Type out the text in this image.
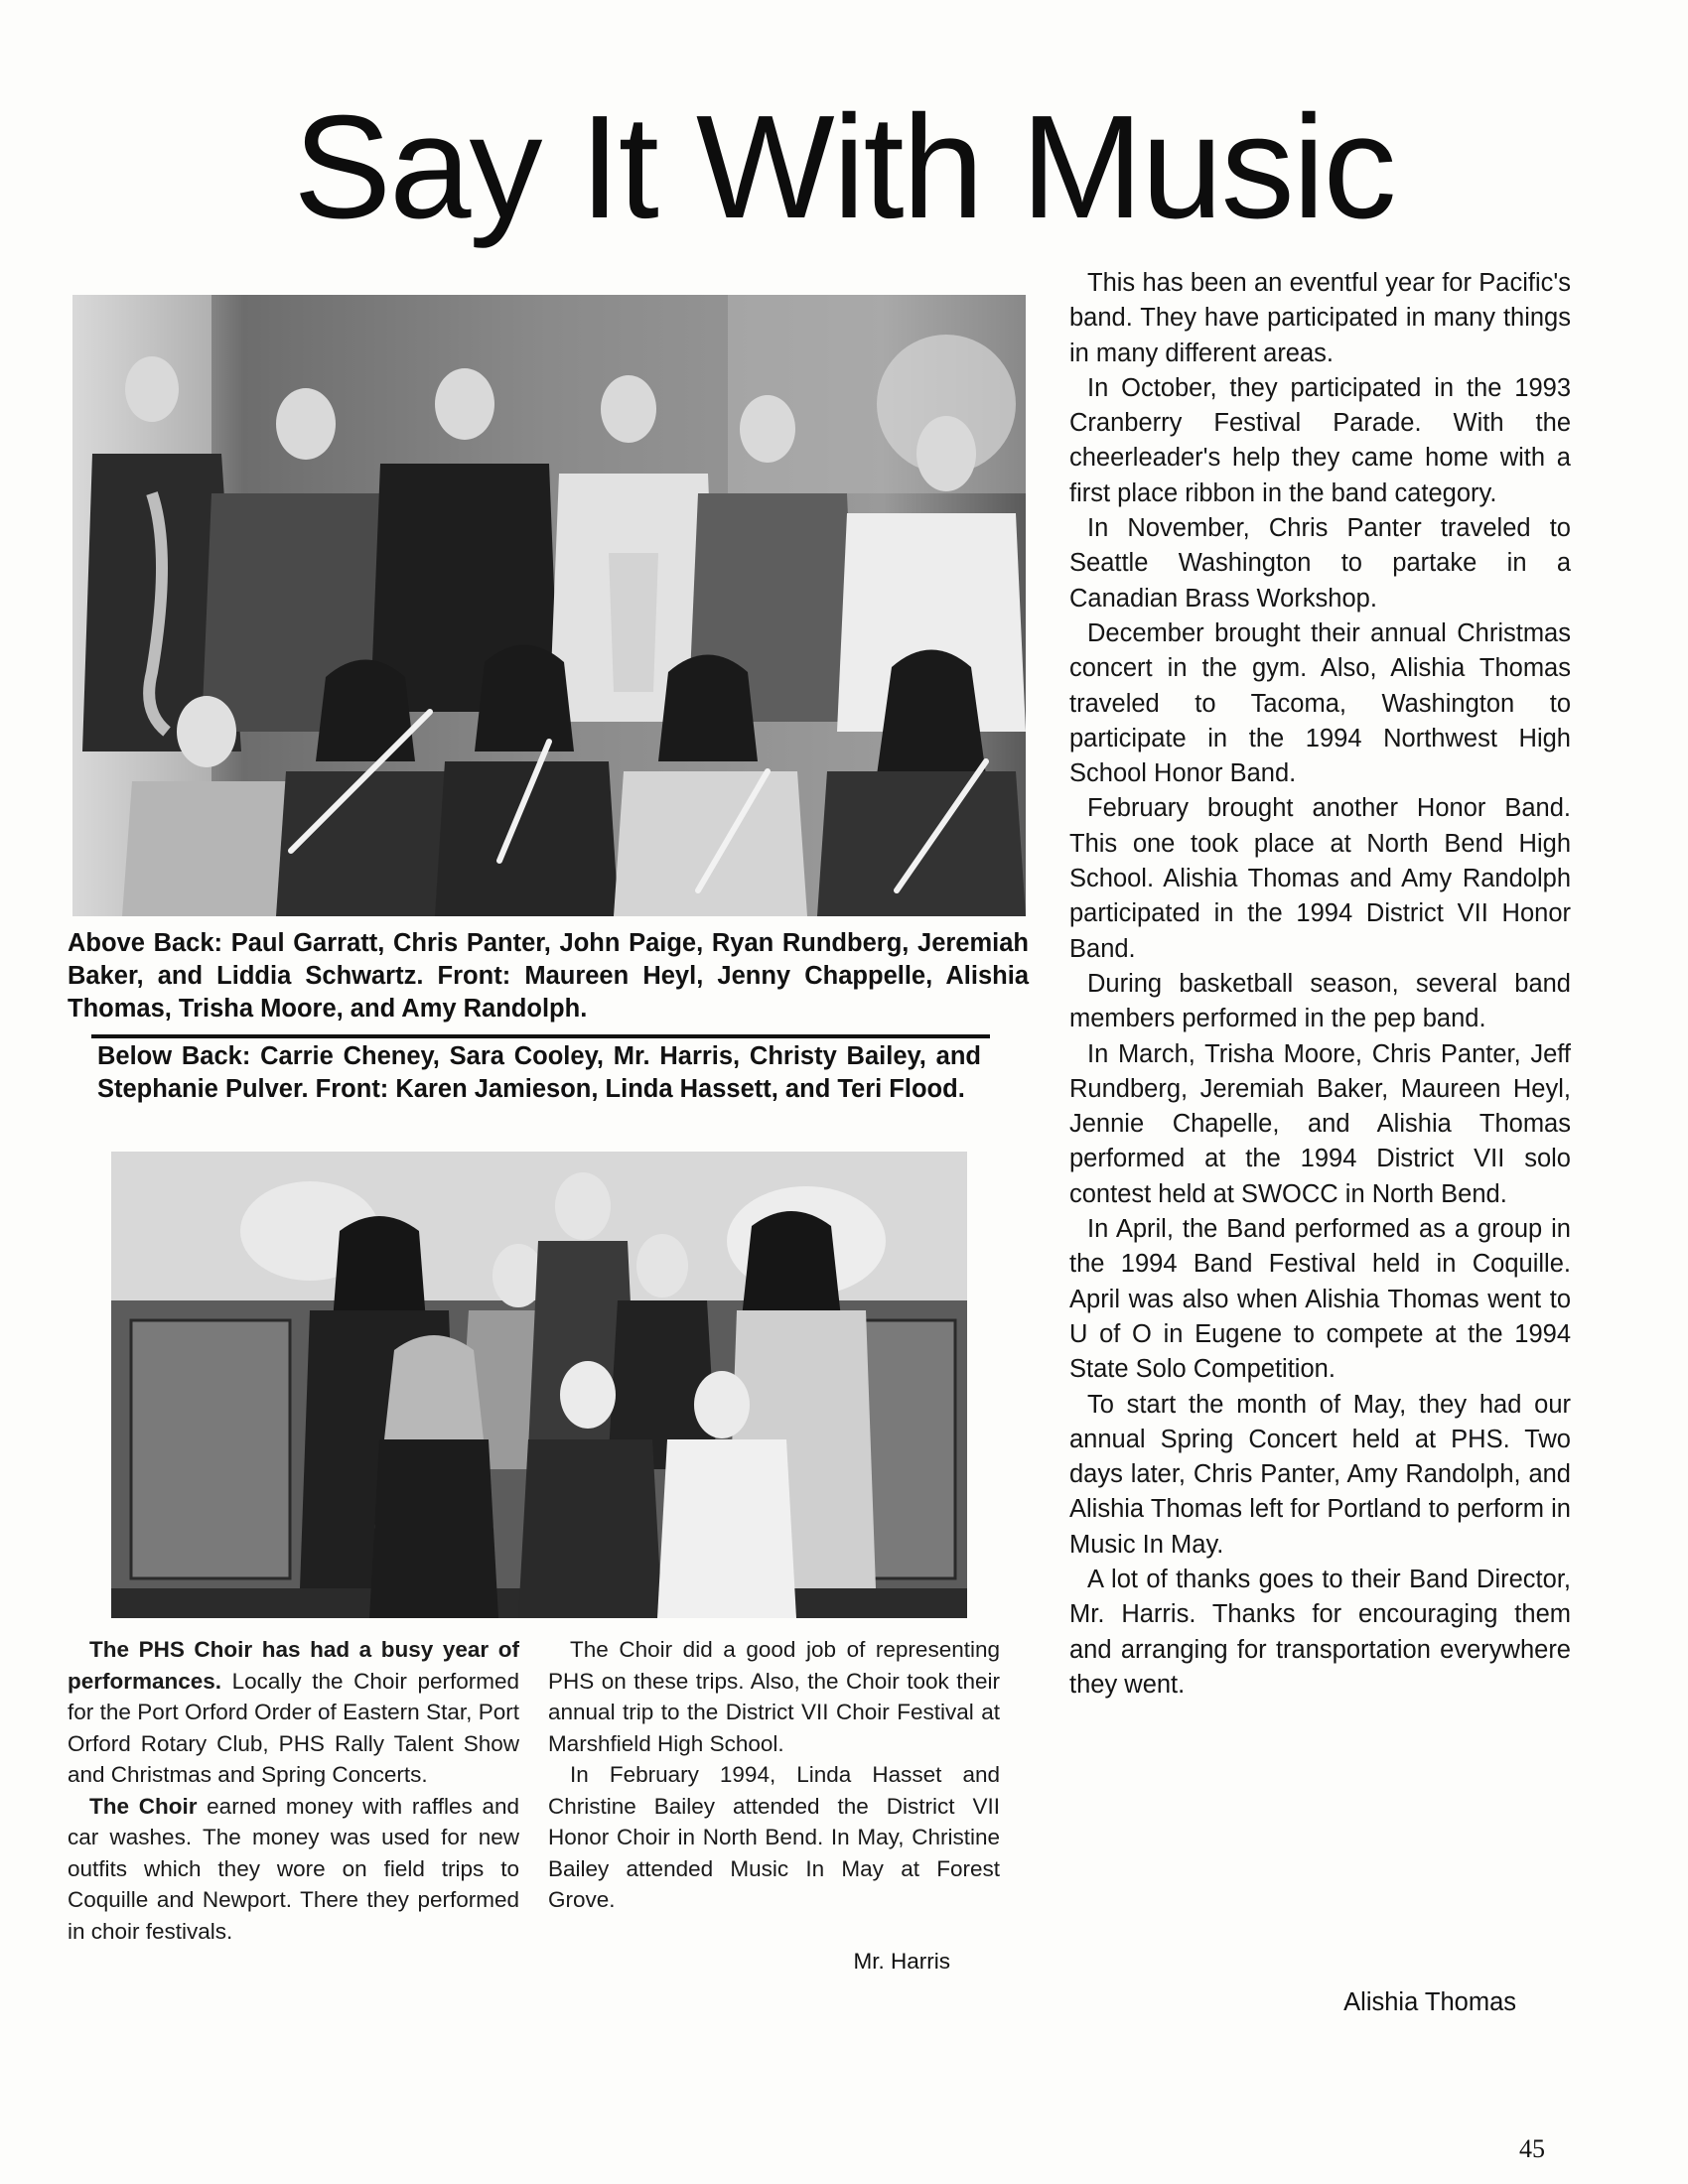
Say It With Music
Above Back: Paul Garratt, Chris Panter, John Paige, Ryan Rundberg, Jeremiah Baker, and Liddia Schwartz. Front: Maureen Heyl, Jenny Chappelle, Alishia Thomas, Trisha Moore, and Amy Randolph.
Below Back: Carrie Cheney, Sara Cooley, Mr. Harris, Christy Bailey, and Stephanie Pulver. Front: Karen Jamieson, Linda Hassett, and Teri Flood.

The PHS Choir has had a busy year of performances. Locally the Choir performed for the Port Orford Order of Eastern Star, Port Orford Rotary Club, PHS Rally Talent Show and Christmas and Spring Concerts.

The Choir earned money with raffles and car washes. The money was used for new outfits which they wore on field trips to Coquille and Newport. There they performed in choir festivals.

The Choir did a good job of representing PHS on these trips. Also, the Choir took their annual trip to the District VII Choir Festival at Marshfield High School.

In February 1994, Linda Hasset and Christine Bailey attended the District VII Honor Choir in North Bend. In May, Christine Bailey attended Music In May at Forest Grove.

Mr. Harris

This has been an eventful year for Pacific's band. They have participated in many things in many different areas.

In October, they participated in the 1993 Cranberry Festival Parade. With the cheerleader's help they came home with a first place ribbon in the band category.

In November, Chris Panter traveled to Seattle Washington to partake in a Canadian Brass Workshop.

December brought their annual Christmas concert in the gym. Also, Alishia Thomas traveled to Tacoma, Washington to participate in the 1994 Northwest High School Honor Band.

February brought another Honor Band. This one took place at North Bend High School. Alishia Thomas and Amy Randolph participated in the 1994 District VII Honor Band.

During basketball season, several band members performed in the pep band.

In March, Trisha Moore, Chris Panter, Jeff Rundberg, Jeremiah Baker, Maureen Heyl, Jennie Chapelle, and Alishia Thomas performed at the 1994 District VII solo contest held at SWOCC in North Bend.

In April, the Band performed as a group in the 1994 Band Festival held in Coquille. April was also when Alishia Thomas went to U of O in Eugene to compete at the 1994 State Solo Competition.

To start the month of May, they had our annual Spring Concert held at PHS. Two days later, Chris Panter, Amy Randolph, and Alishia Thomas left for Portland to perform in Music In May.

A lot of thanks goes to their Band Director, Mr. Harris. Thanks for encouraging them and arranging for transportation everywhere they went.

Alishia Thomas
45
